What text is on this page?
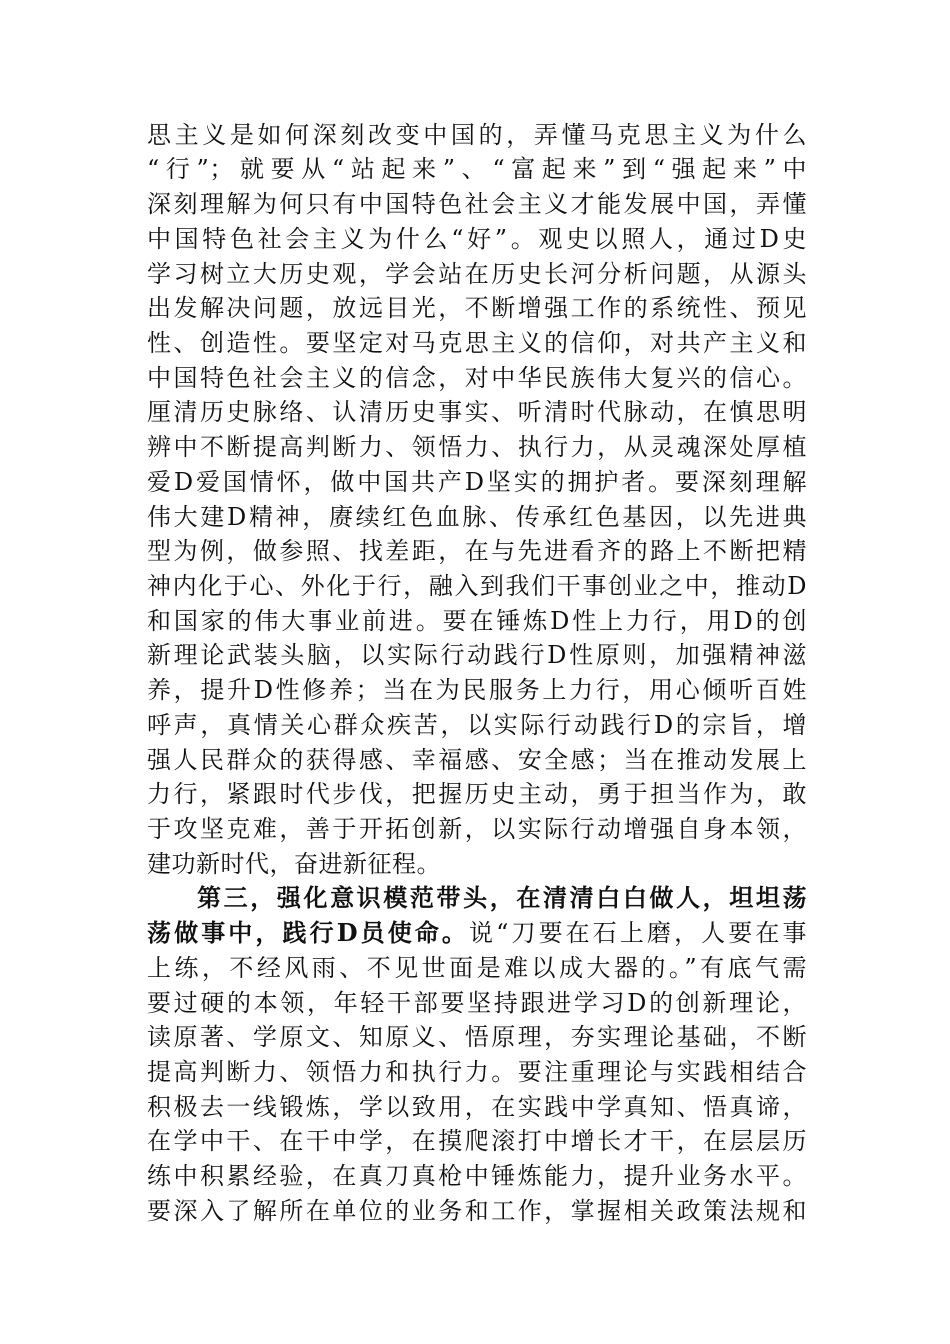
思主义是如何深刻改变中国的，弄懂马克思主义为什么
“行”；就要从“站起来”、“富起来”到“强起来”中
深刻理解为何只有中国特色社会主义才能发展中国，弄懂
中国特色社会主义为什么“好”。观史以照人，通过D史
学习树立大历史观，学会站在历史长河分析问题，从源头
出发解决问题，放远目光，不断增强工作的系统性、预见
性、创造性。要坚定对马克思主义的信仰，对共产主义和
中国特色社会主义的信念，对中华民族伟大复兴的信心。
厘清历史脉络、认清历史事实、听清时代脉动，在慎思明
辨中不断提高判断力、领悟力、执行力，从灵魂深处厚植
爱D爱国情怀，做中国共产D坚实的拥护者。要深刻理解
伟大建D精神，赓续红色血脉、传承红色基因，以先进典
型为例，做参照、找差距，在与先进看齐的路上不断把精
神内化于心、外化于行，融入到我们干事创业之中，推动D
和国家的伟大事业前进。要在锤炼D性上力行，用D的创
新理论武装头脑，以实际行动践行D性原则，加强精神滋
养，提升D性修养；当在为民服务上力行，用心倾听百姓
呼声，真情关心群众疾苦，以实际行动践行D的宗旨，增
强人民群众的获得感、幸福感、安全感；当在推动发展上
力行，紧跟时代步伐，把握历史主动，勇于担当作为，敢
于攻坚克难，善于开拓创新，以实际行动增强自身本领，
建功新时代，奋进新征程。
第三，强化意识模范带头，在清清白白做人，坦坦荡
荡做事中，践行D员使命。说“刀要在石上磨，人要在事
上练，不经风雨、不见世面是难以成大器的。”有底气需
要过硬的本领，年轻干部要坚持跟进学习D的创新理论，
读原著、学原文、知原义、悟原理，夯实理论基础，不断
提高判断力、领悟力和执行力。要注重理论与实践相结合
积极去一线锻炼，学以致用，在实践中学真知、悟真谛，
在学中干、在干中学，在摸爬滚打中增长才干，在层层历
练中积累经验，在真刀真枪中锤炼能力，提升业务水平。
要深入了解所在单位的业务和工作，掌握相关政策法规和
